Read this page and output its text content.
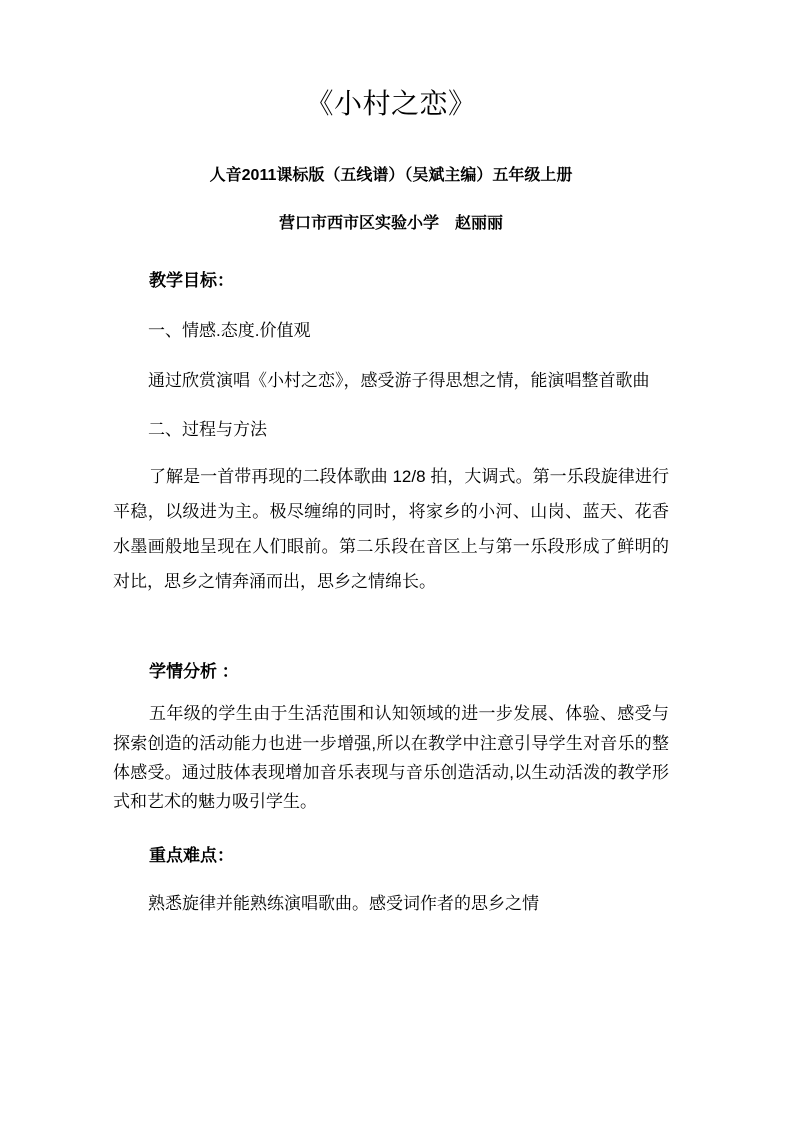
《小村之恋》
人音2011课标版（五线谱）（吴斌主编）五年级上册
营口市西市区实验小学　赵丽丽
教学目标：
一、情感.态度.价值观
通过欣赏演唱《小村之恋》，感受游子得思想之情，能演唱整首歌曲
二、过程与方法
了解是一首带再现的二段体歌曲 12/8 拍，大调式。第一乐段旋律进行平稳，以级进为主。极尽缠绵的同时，将家乡的小河、山岗、蓝天、花香水墨画般地呈现在人们眼前。第二乐段在音区上与第一乐段形成了鲜明的对比，思乡之情奔涌而出，思乡之情绵长。
学情分析 ：
五年级的学生由于生活范围和认知领域的进一步发展、体验、感受与探索创造的活动能力也进一步增强,所以在教学中注意引导学生对音乐的整体感受。通过肢体表现增加音乐表现与音乐创造活动,以生动活泼的教学形式和艺术的魅力吸引学生。
重点难点：
熟悉旋律并能熟练演唱歌曲。感受词作者的思乡之情
